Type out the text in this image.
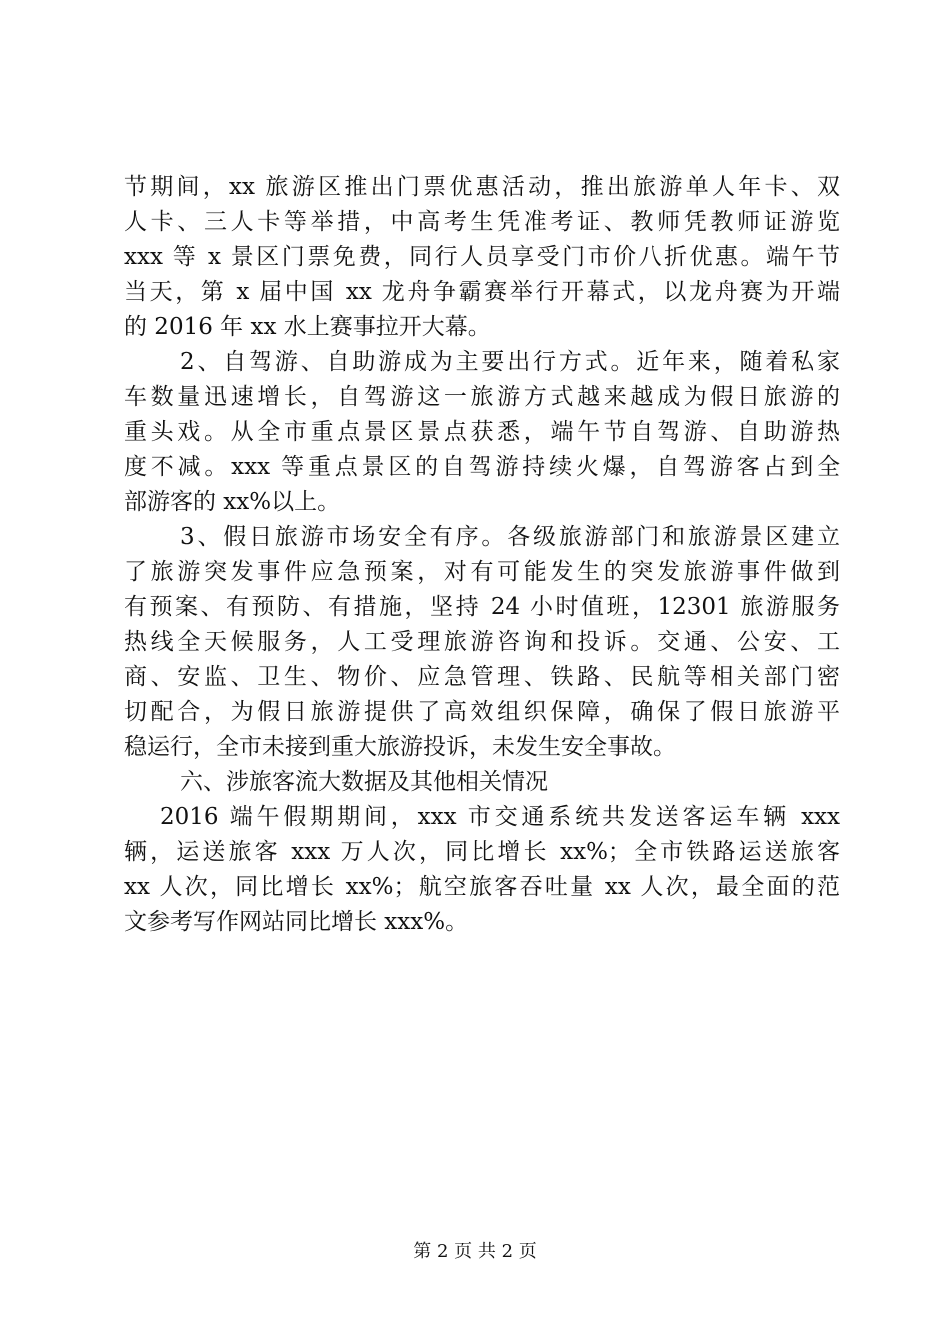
节期间，xx 旅游区推出门票优惠活动，推出旅游单人年卡、双
人卡、三人卡等举措，中高考生凭准考证、教师凭教师证游览
xxx 等 x 景区门票免费，同行人员享受门市价八折优惠。端午节
当天，第 x 届中国 xx 龙舟争霸赛举行开幕式，以龙舟赛为开端
的 2016 年 xx 水上赛事拉开大幕。
2、自驾游、自助游成为主要出行方式。近年来，随着私家
车数量迅速增长，自驾游这一旅游方式越来越成为假日旅游的
重头戏。从全市重点景区景点获悉，端午节自驾游、自助游热
度不减。xxx 等重点景区的自驾游持续火爆，自驾游客占到全
部游客的 xx%以上。
3、假日旅游市场安全有序。各级旅游部门和旅游景区建立
了旅游突发事件应急预案，对有可能发生的突发旅游事件做到
有预案、有预防、有措施，坚持 24 小时值班，12301 旅游服务
热线全天候服务，人工受理旅游咨询和投诉。交通、公安、工
商、安监、卫生、物价、应急管理、铁路、民航等相关部门密
切配合，为假日旅游提供了高效组织保障，确保了假日旅游平
稳运行，全市未接到重大旅游投诉，未发生安全事故。
六、涉旅客流大数据及其他相关情况
2016 端午假期期间，xxx 市交通系统共发送客运车辆 xxx
辆，运送旅客 xxx 万人次，同比增长 xx%；全市铁路运送旅客
xx 人次，同比增长 xx%；航空旅客吞吐量 xx 人次，最全面的范
文参考写作网站同比增长 xxx%。
第 2 页 共 2 页
